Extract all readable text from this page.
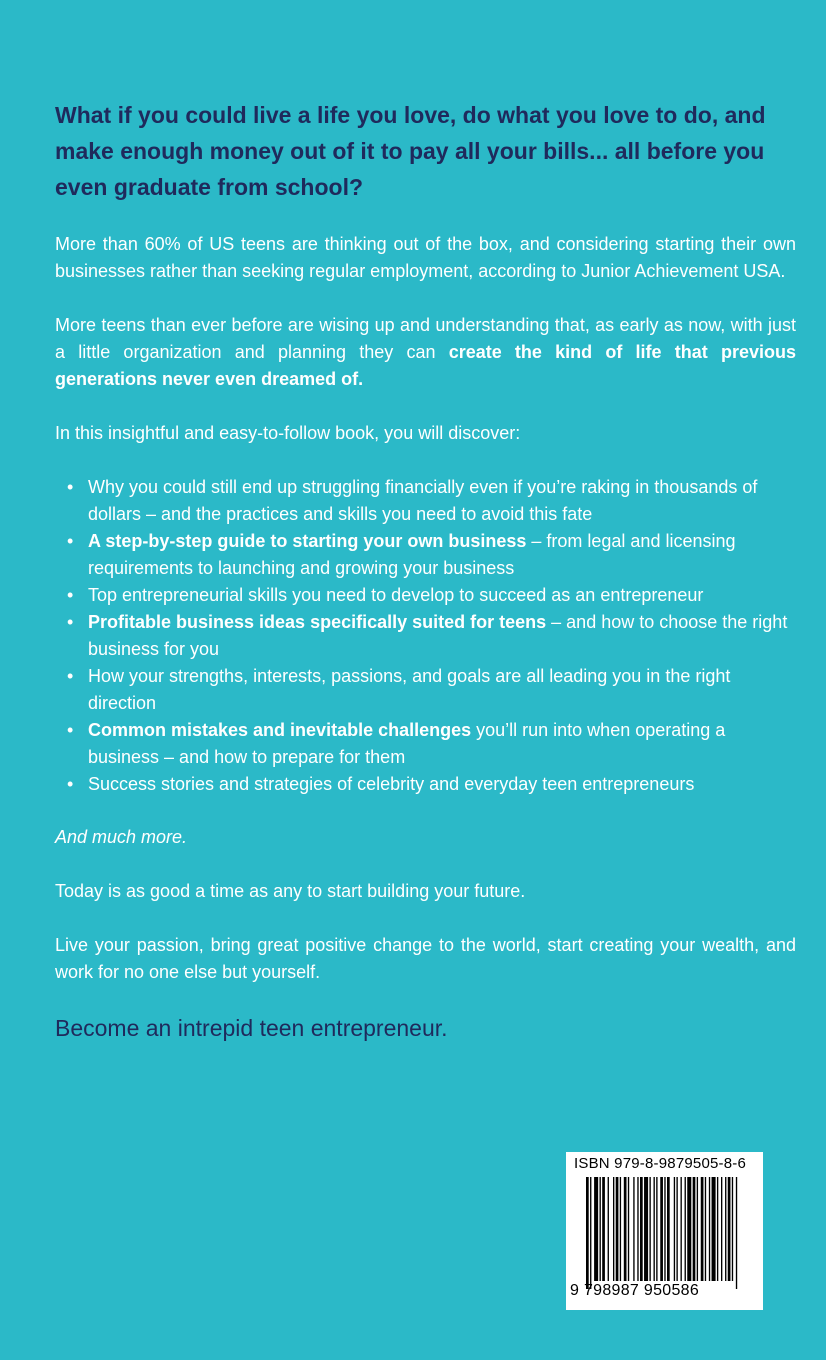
What if you could live a life you love, do what you love to do, and make enough money out of it to pay all your bills... all before you even graduate from school?

More than 60% of US teens are thinking out of the box, and considering starting their own businesses rather than seeking regular employment, according to Junior Achievement USA.

More teens than ever before are wising up and understanding that, as early as now, with just a little organization and planning they can create the kind of life that previous generations never even dreamed of.

In this insightful and easy-to-follow book, you will discover:

• Why you could still end up struggling financially even if you’re raking in thousands of dollars – and the practices and skills you need to avoid this fate
• A step-by-step guide to starting your own business – from legal and licensing requirements to launching and growing your business
• Top entrepreneurial skills you need to develop to succeed as an entrepreneur
• Profitable business ideas specifically suited for teens – and how to choose the right business for you
• How your strengths, interests, passions, and goals are all leading you in the right direction
• Common mistakes and inevitable challenges you’ll run into when operating a business – and how to prepare for them
• Success stories and strategies of celebrity and everyday teen entrepreneurs

And much more.

Today is as good a time as any to start building your future.

Live your passion, bring great positive change to the world, start creating your wealth, and work for no one else but yourself.

Become an intrepid teen entrepreneur.
ISBN 979-8-9879505-8-6
9 798987 950586
